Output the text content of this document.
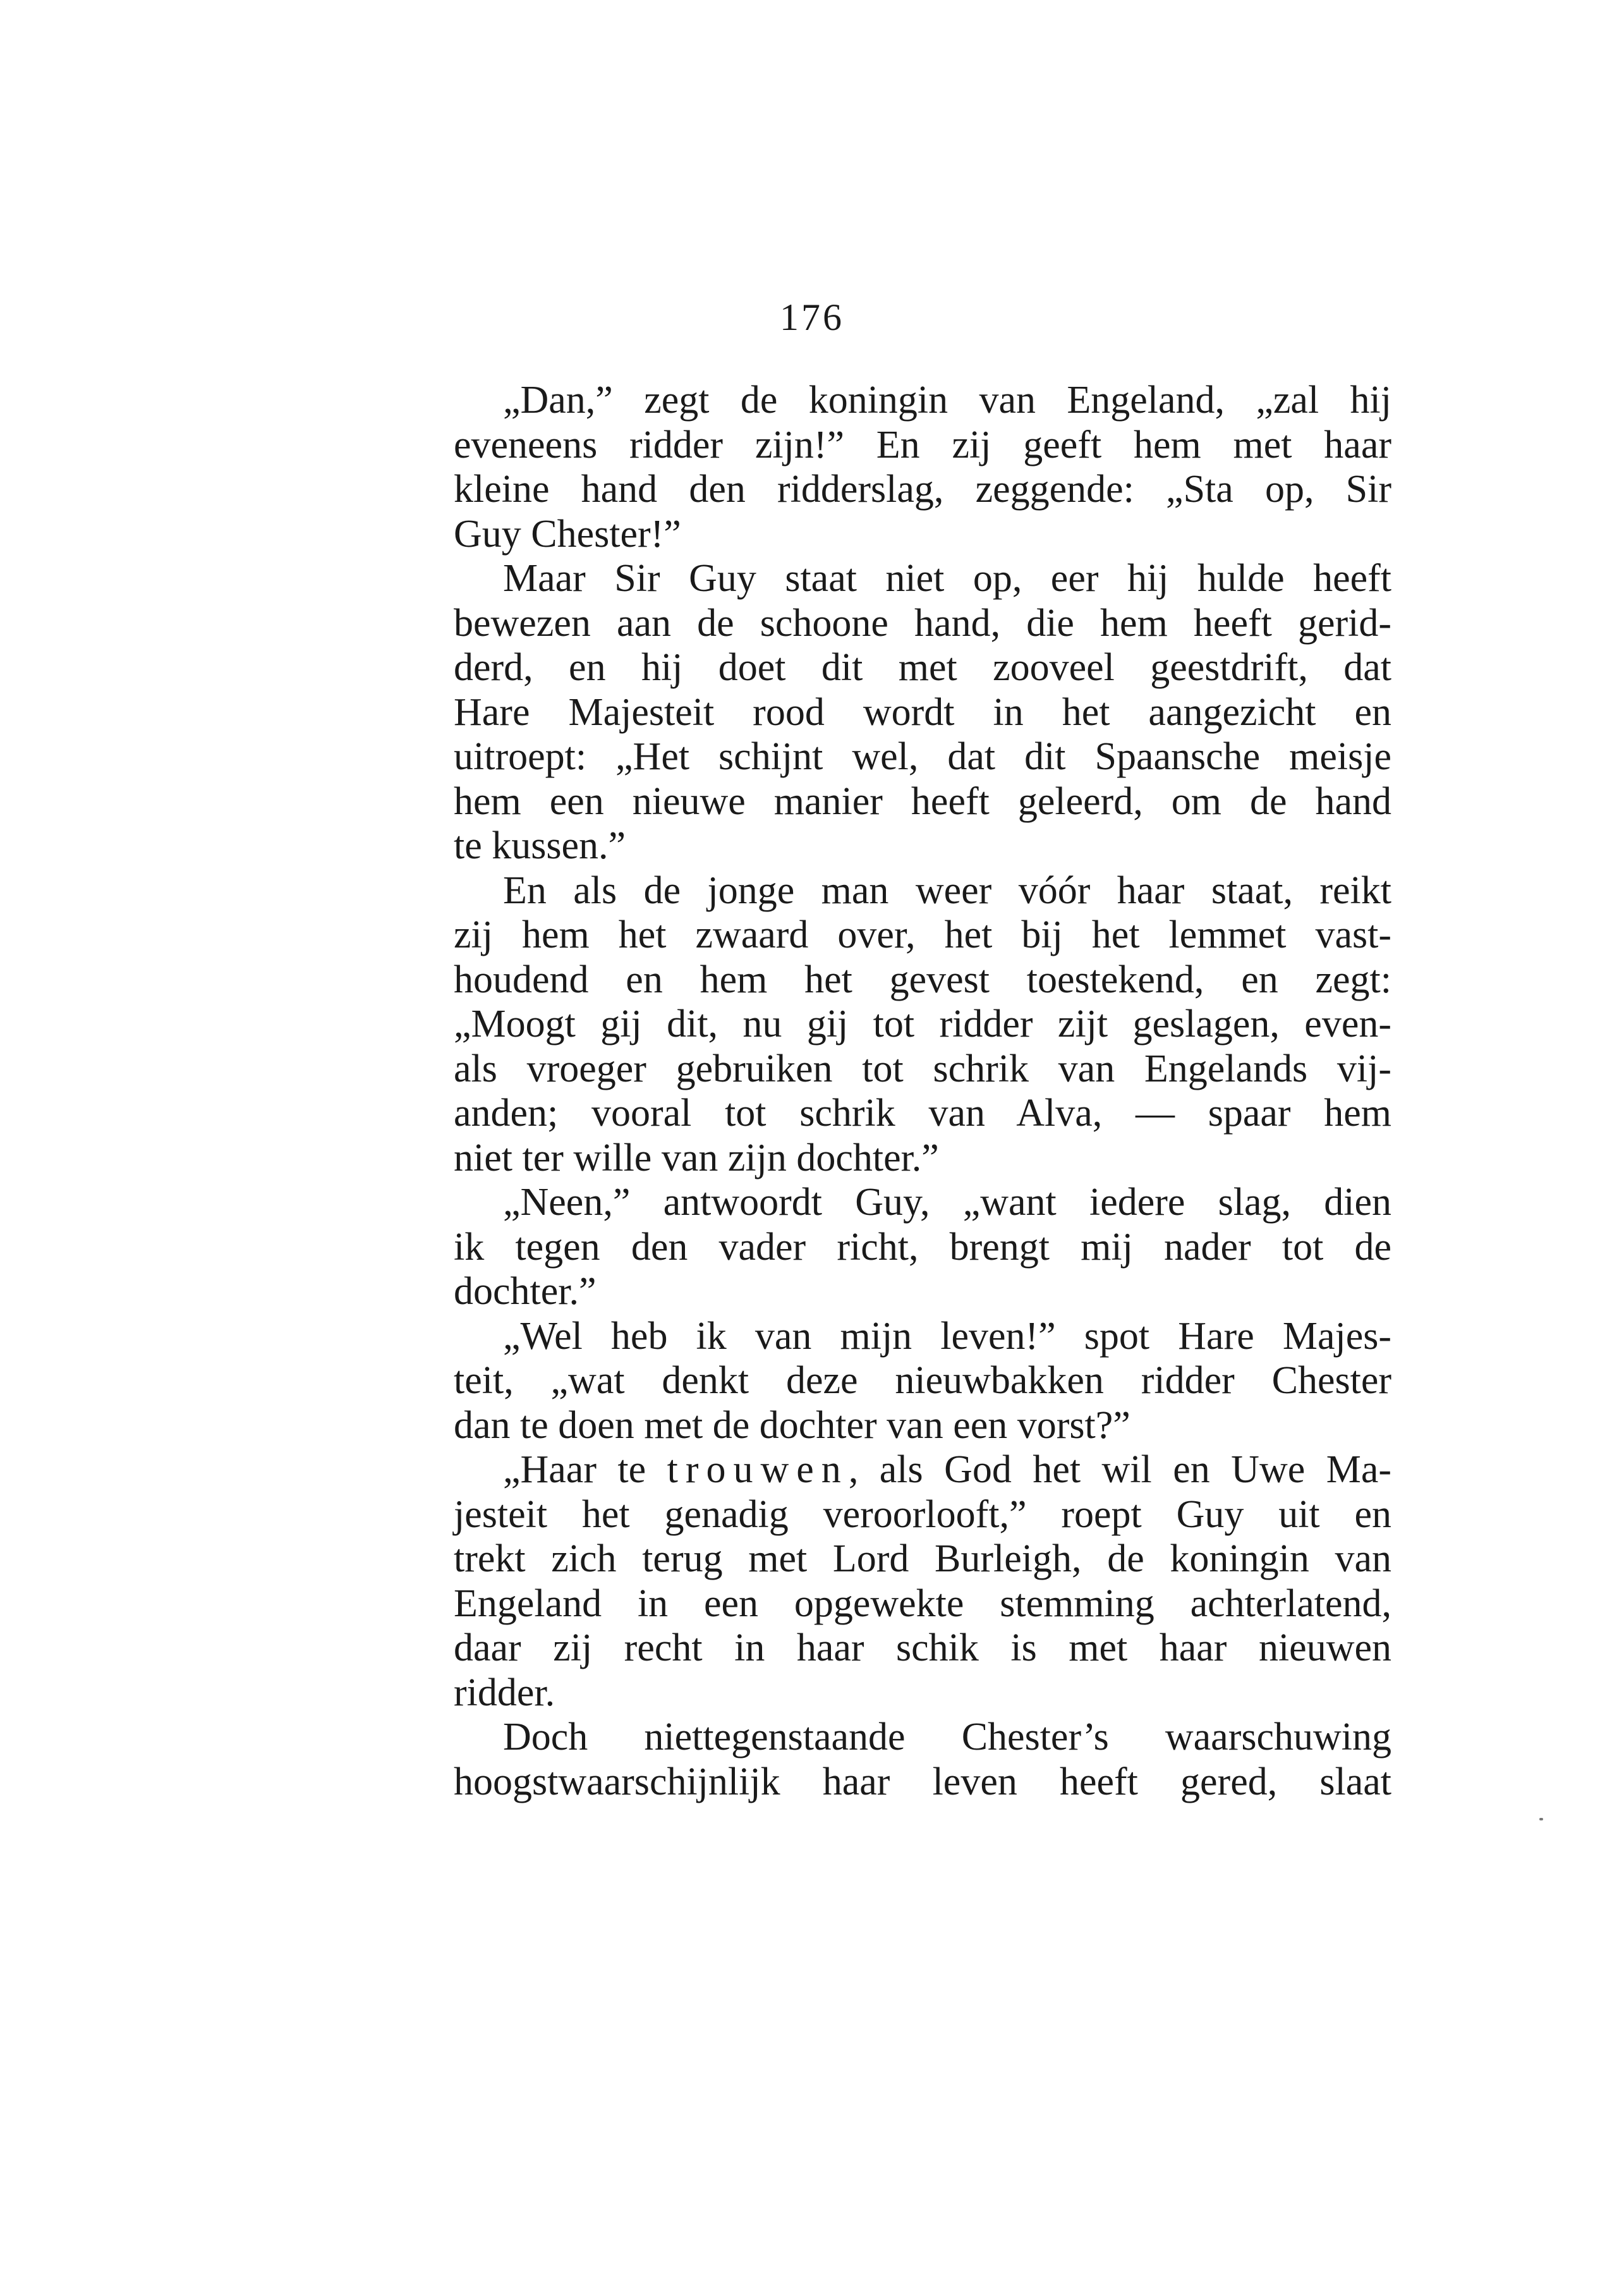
176
„Dan,” zegt de koningin van Engeland, „zal hij
eveneens ridder zijn!” En zij geeft hem met haar
kleine hand den ridderslag, zeggende: „Sta op, Sir
Guy Chester!”
Maar Sir Guy staat niet op, eer hij hulde heeft
bewezen aan de schoone hand, die hem heeft gerid-
derd, en hij doet dit met zooveel geestdrift, dat
Hare Majesteit rood wordt in het aangezicht en
uitroept: „Het schijnt wel, dat dit Spaansche meisje
hem een nieuwe manier heeft geleerd, om de hand
te kussen.”
En als de jonge man weer vóór haar staat, reikt
zij hem het zwaard over, het bij het lemmet vast-
houdend en hem het gevest toestekend, en zegt:
„Moogt gij dit, nu gij tot ridder zijt geslagen, even-
als vroeger gebruiken tot schrik van Engelands vij-
anden; vooral tot schrik van Alva, — spaar hem
niet ter wille van zijn dochter.”
„Neen,” antwoordt Guy, „want iedere slag, dien
ik tegen den vader richt, brengt mij nader tot de
dochter.”
„Wel heb ik van mijn leven!” spot Hare Majes-
teit, „wat denkt deze nieuwbakken ridder Chester
dan te doen met de dochter van een vorst?”
„Haar te trouwen, als God het wil en Uwe Ma-
jesteit het genadig veroorlooft,” roept Guy uit en
trekt zich terug met Lord Burleigh, de koningin van
Engeland in een opgewekte stemming achterlatend,
daar zij recht in haar schik is met haar nieuwen
ridder.
Doch niettegenstaande Chester’s waarschuwing
hoogstwaarschijnlijk haar leven heeft gered, slaat
